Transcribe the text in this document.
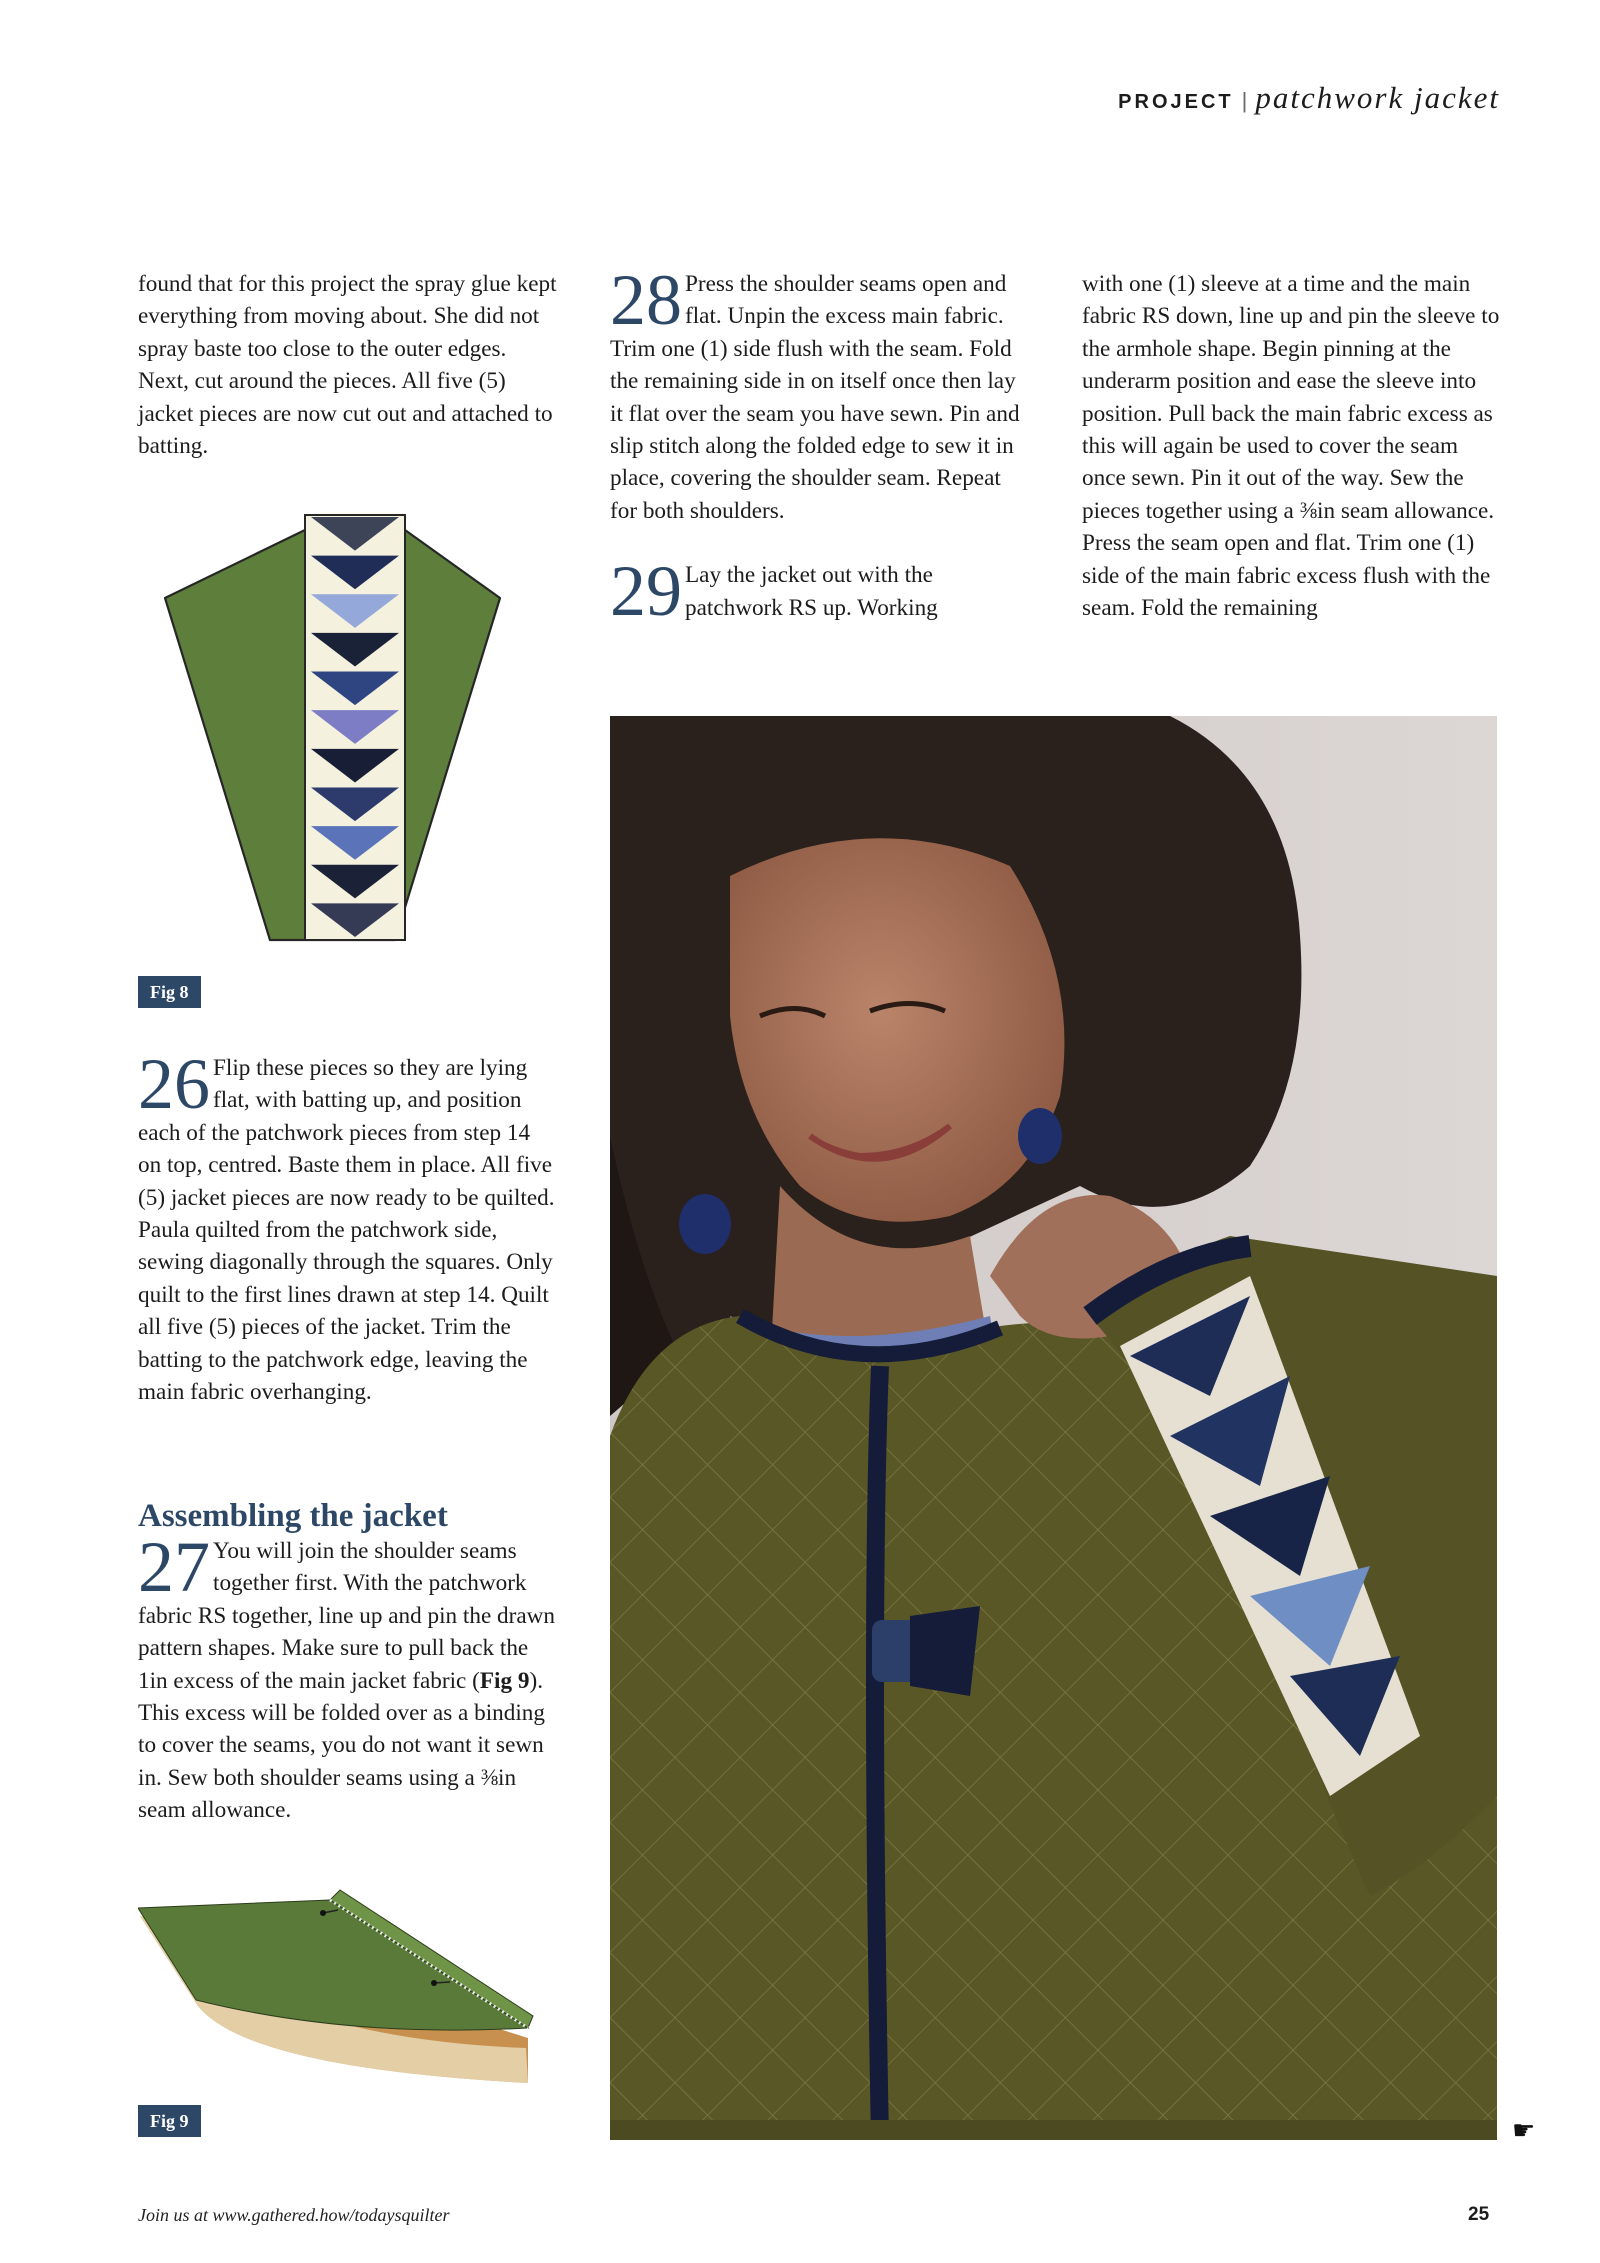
PROJECT | patchwork jacket

found that for this project the spray glue kept everything from moving about. She did not spray baste too close to the outer edges. Next, cut around the pieces. All five (5) jacket pieces are now cut out and attached to batting.

Fig 8
26 Flip these pieces so they are lying flat, with batting up, and position each of the patchwork pieces from step 14 on top, centred. Baste them in place. All five (5) jacket pieces are now ready to be quilted. Paula quilted from the patchwork side, sewing diagonally through the squares. Only quilt to the first lines drawn at step 14. Quilt all five (5) pieces of the jacket. Trim the batting to the patchwork edge, leaving the main fabric overhanging.

Assembling the jacket
27 You will join the shoulder seams together first. With the patchwork fabric RS together, line up and pin the drawn pattern shapes. Make sure to pull back the 1in excess of the main jacket fabric (Fig 9). This excess will be folded over as a binding to cover the seams, you do not want it sewn in. Sew both shoulder seams using a ⅜in seam allowance.

Fig 9
28 Press the shoulder seams open and flat. Unpin the excess main fabric. Trim one (1) side flush with the seam. Fold the remaining side in on itself once then lay it flat over the seam you have sewn. Pin and slip stitch along the folded edge to sew it in place, covering the shoulder seam. Repeat for both shoulders.

29 Lay the jacket out with the patchwork RS up. Working

with one (1) sleeve at a time and the main fabric RS down, line up and pin the sleeve to the armhole shape. Begin pinning at the underarm position and ease the sleeve into position. Pull back the main fabric excess as this will again be used to cover the seam once sewn. Pin it out of the way. Sew the pieces together using a ⅜in seam allowance. Press the seam open and flat. Trim one (1) side of the main fabric excess flush with the seam. Fold the remaining

☛
Join us at www.gathered.how/todaysquilter	25
